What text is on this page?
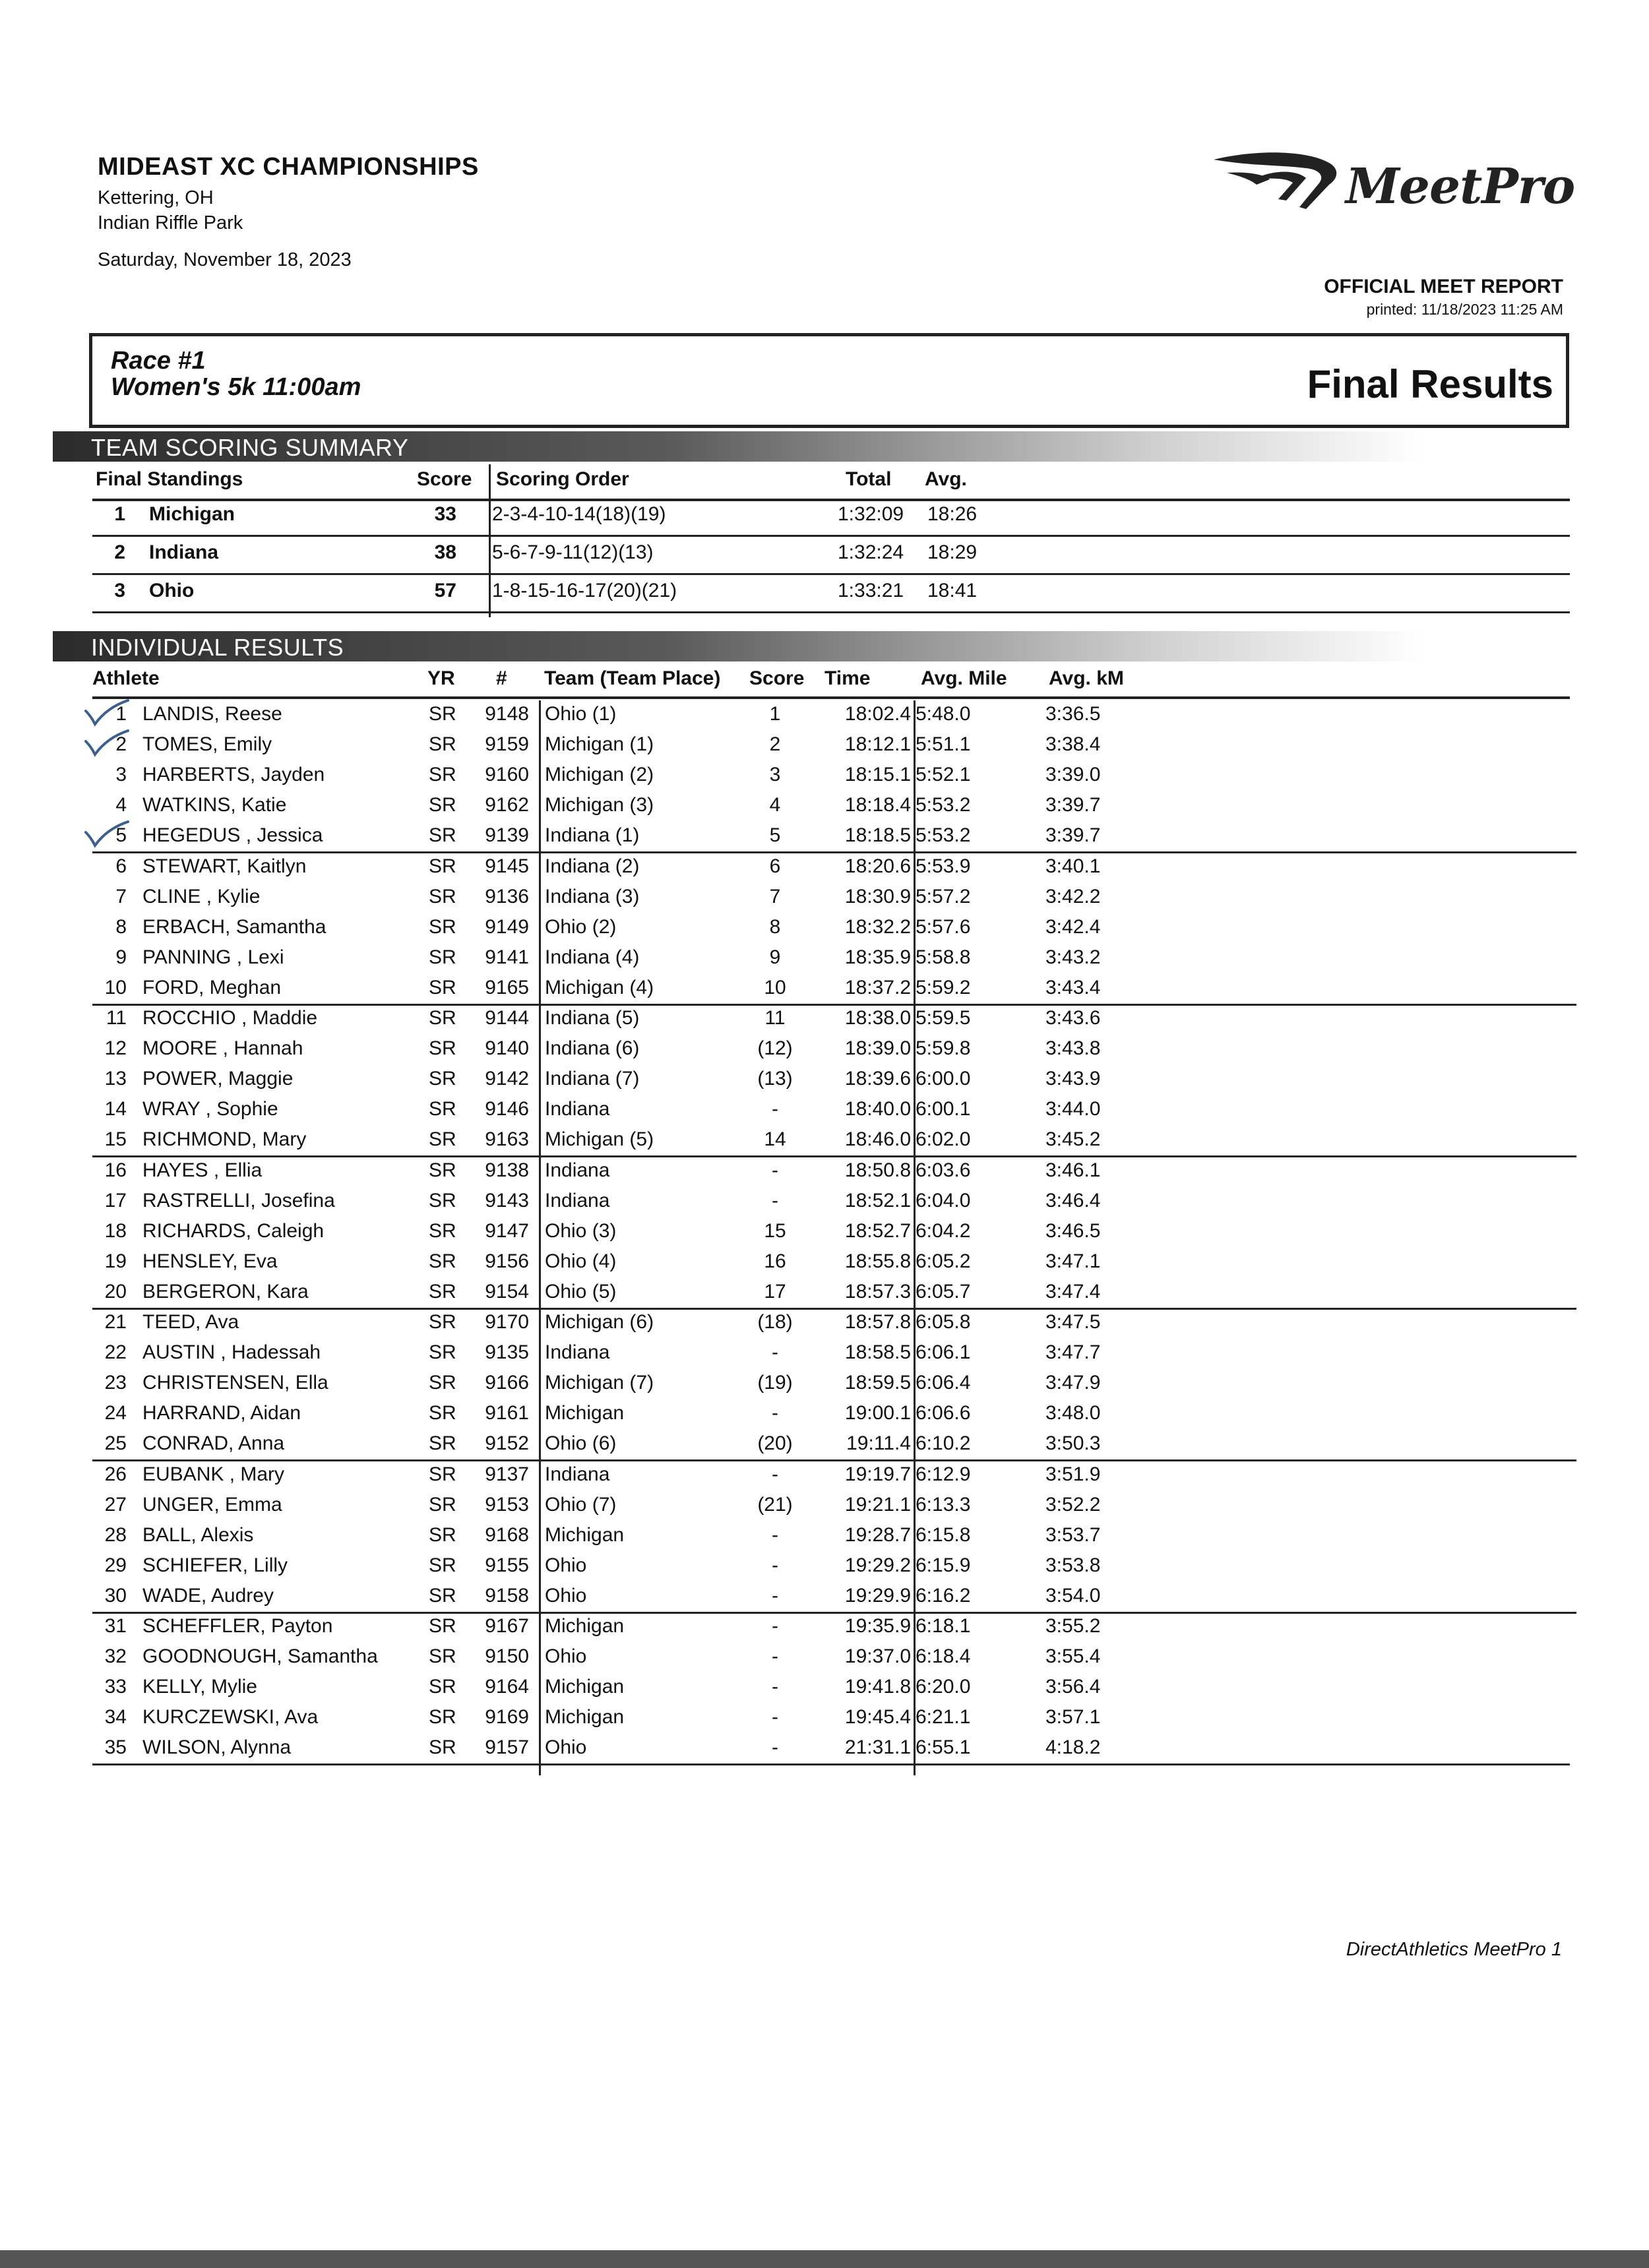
MIDEAST XC CHAMPIONSHIPS
Kettering, OH
Indian Riffle Park
Saturday, November 18, 2023
MeetPro
OFFICIAL MEET REPORT
printed: 11/18/2023 11:25 AM
Race #1
Women's 5k 11:00am	Final Results
TEAM SCORING SUMMARY
Final Standings	Score Scoring Order	Total Avg.
1 Michigan	33 2-3-4-10-14(18)(19)	1:32:09 18:26
2 Indiana	38 5-6-7-9-11(12)(13)	1:32:24 18:29
3 Ohio	57 1-8-15-16-17(20)(21)	1:33:21 18:41
INDIVIDUAL RESULTS
Athlete	YR # Team (Team Place) Score Time	Avg. Mile Avg. kM
1 LANDIS, Reese	SR	9148 Ohio (1)	1	18:02.4 5:48.0	3:36.5
2 TOMES, Emily	SR	9159 Michigan (1)	2	18:12.1 5:51.1	3:38.4
3 HARBERTS, Jayden	SR	9160 Michigan (2)	3	18:15.1 5:52.1	3:39.0
4 WATKINS, Katie	SR	9162 Michigan (3)	4	18:18.4 5:53.2	3:39.7
5 HEGEDUS , Jessica	SR	9139 Indiana (1)	5	18:18.5 5:53.2	3:39.7
6 STEWART, Kaitlyn	SR	9145 Indiana (2)	6	18:20.6 5:53.9	3:40.1
7 CLINE , Kylie	SR	9136 Indiana (3)	7	18:30.9 5:57.2	3:42.2
8 ERBACH, Samantha	SR	9149 Ohio (2)	8	18:32.2 5:57.6	3:42.4
9 PANNING , Lexi	SR	9141 Indiana (4)	9	18:35.9 5:58.8	3:43.2
10 FORD, Meghan	SR	9165 Michigan (4)	10	18:37.2 5:59.2	3:43.4
11 ROCCHIO , Maddie	SR	9144 Indiana (5)	11	18:38.0 5:59.5	3:43.6
12 MOORE , Hannah	SR	9140 Indiana (6)	(12)	18:39.0 5:59.8	3:43.8
13 POWER, Maggie	SR	9142 Indiana (7)	(13)	18:39.6 6:00.0	3:43.9
14 WRAY , Sophie	SR	9146 Indiana	-	18:40.0 6:00.1	3:44.0
15 RICHMOND, Mary	SR	9163 Michigan (5)	14	18:46.0 6:02.0	3:45.2
16 HAYES , Ellia	SR	9138 Indiana	-	18:50.8 6:03.6	3:46.1
17 RASTRELLI, Josefina	SR	9143 Indiana	-	18:52.1 6:04.0	3:46.4
18 RICHARDS, Caleigh	SR	9147 Ohio (3)	15	18:52.7 6:04.2	3:46.5
19 HENSLEY, Eva	SR	9156 Ohio (4)	16	18:55.8 6:05.2	3:47.1
20 BERGERON, Kara	SR	9154 Ohio (5)	17	18:57.3 6:05.7	3:47.4
21 TEED, Ava	SR	9170 Michigan (6)	(18)	18:57.8 6:05.8	3:47.5
22 AUSTIN , Hadessah	SR	9135 Indiana	-	18:58.5 6:06.1	3:47.7
23 CHRISTENSEN, Ella	SR	9166 Michigan (7)	(19)	18:59.5 6:06.4	3:47.9
24 HARRAND, Aidan	SR	9161 Michigan	-	19:00.1 6:06.6	3:48.0
25 CONRAD, Anna	SR	9152 Ohio (6)	(20)	19:11.4 6:10.2	3:50.3
26 EUBANK , Mary	SR	9137 Indiana	-	19:19.7 6:12.9	3:51.9
27 UNGER, Emma	SR	9153 Ohio (7)	(21)	19:21.1 6:13.3	3:52.2
28 BALL, Alexis	SR	9168 Michigan	-	19:28.7 6:15.8	3:53.7
29 SCHIEFER, Lilly	SR	9155 Ohio	-	19:29.2 6:15.9	3:53.8
30 WADE, Audrey	SR	9158 Ohio	-	19:29.9 6:16.2	3:54.0
31 SCHEFFLER, Payton	SR	9167 Michigan	-	19:35.9 6:18.1	3:55.2
32 GOODNOUGH, Samantha	SR	9150 Ohio	-	19:37.0 6:18.4	3:55.4
33 KELLY, Mylie	SR	9164 Michigan	-	19:41.8 6:20.0	3:56.4
34 KURCZEWSKI, Ava	SR	9169 Michigan	-	19:45.4 6:21.1	3:57.1
35 WILSON, Alynna	SR	9157 Ohio	-	21:31.1 6:55.1	4:18.2
DirectAthletics MeetPro 1
